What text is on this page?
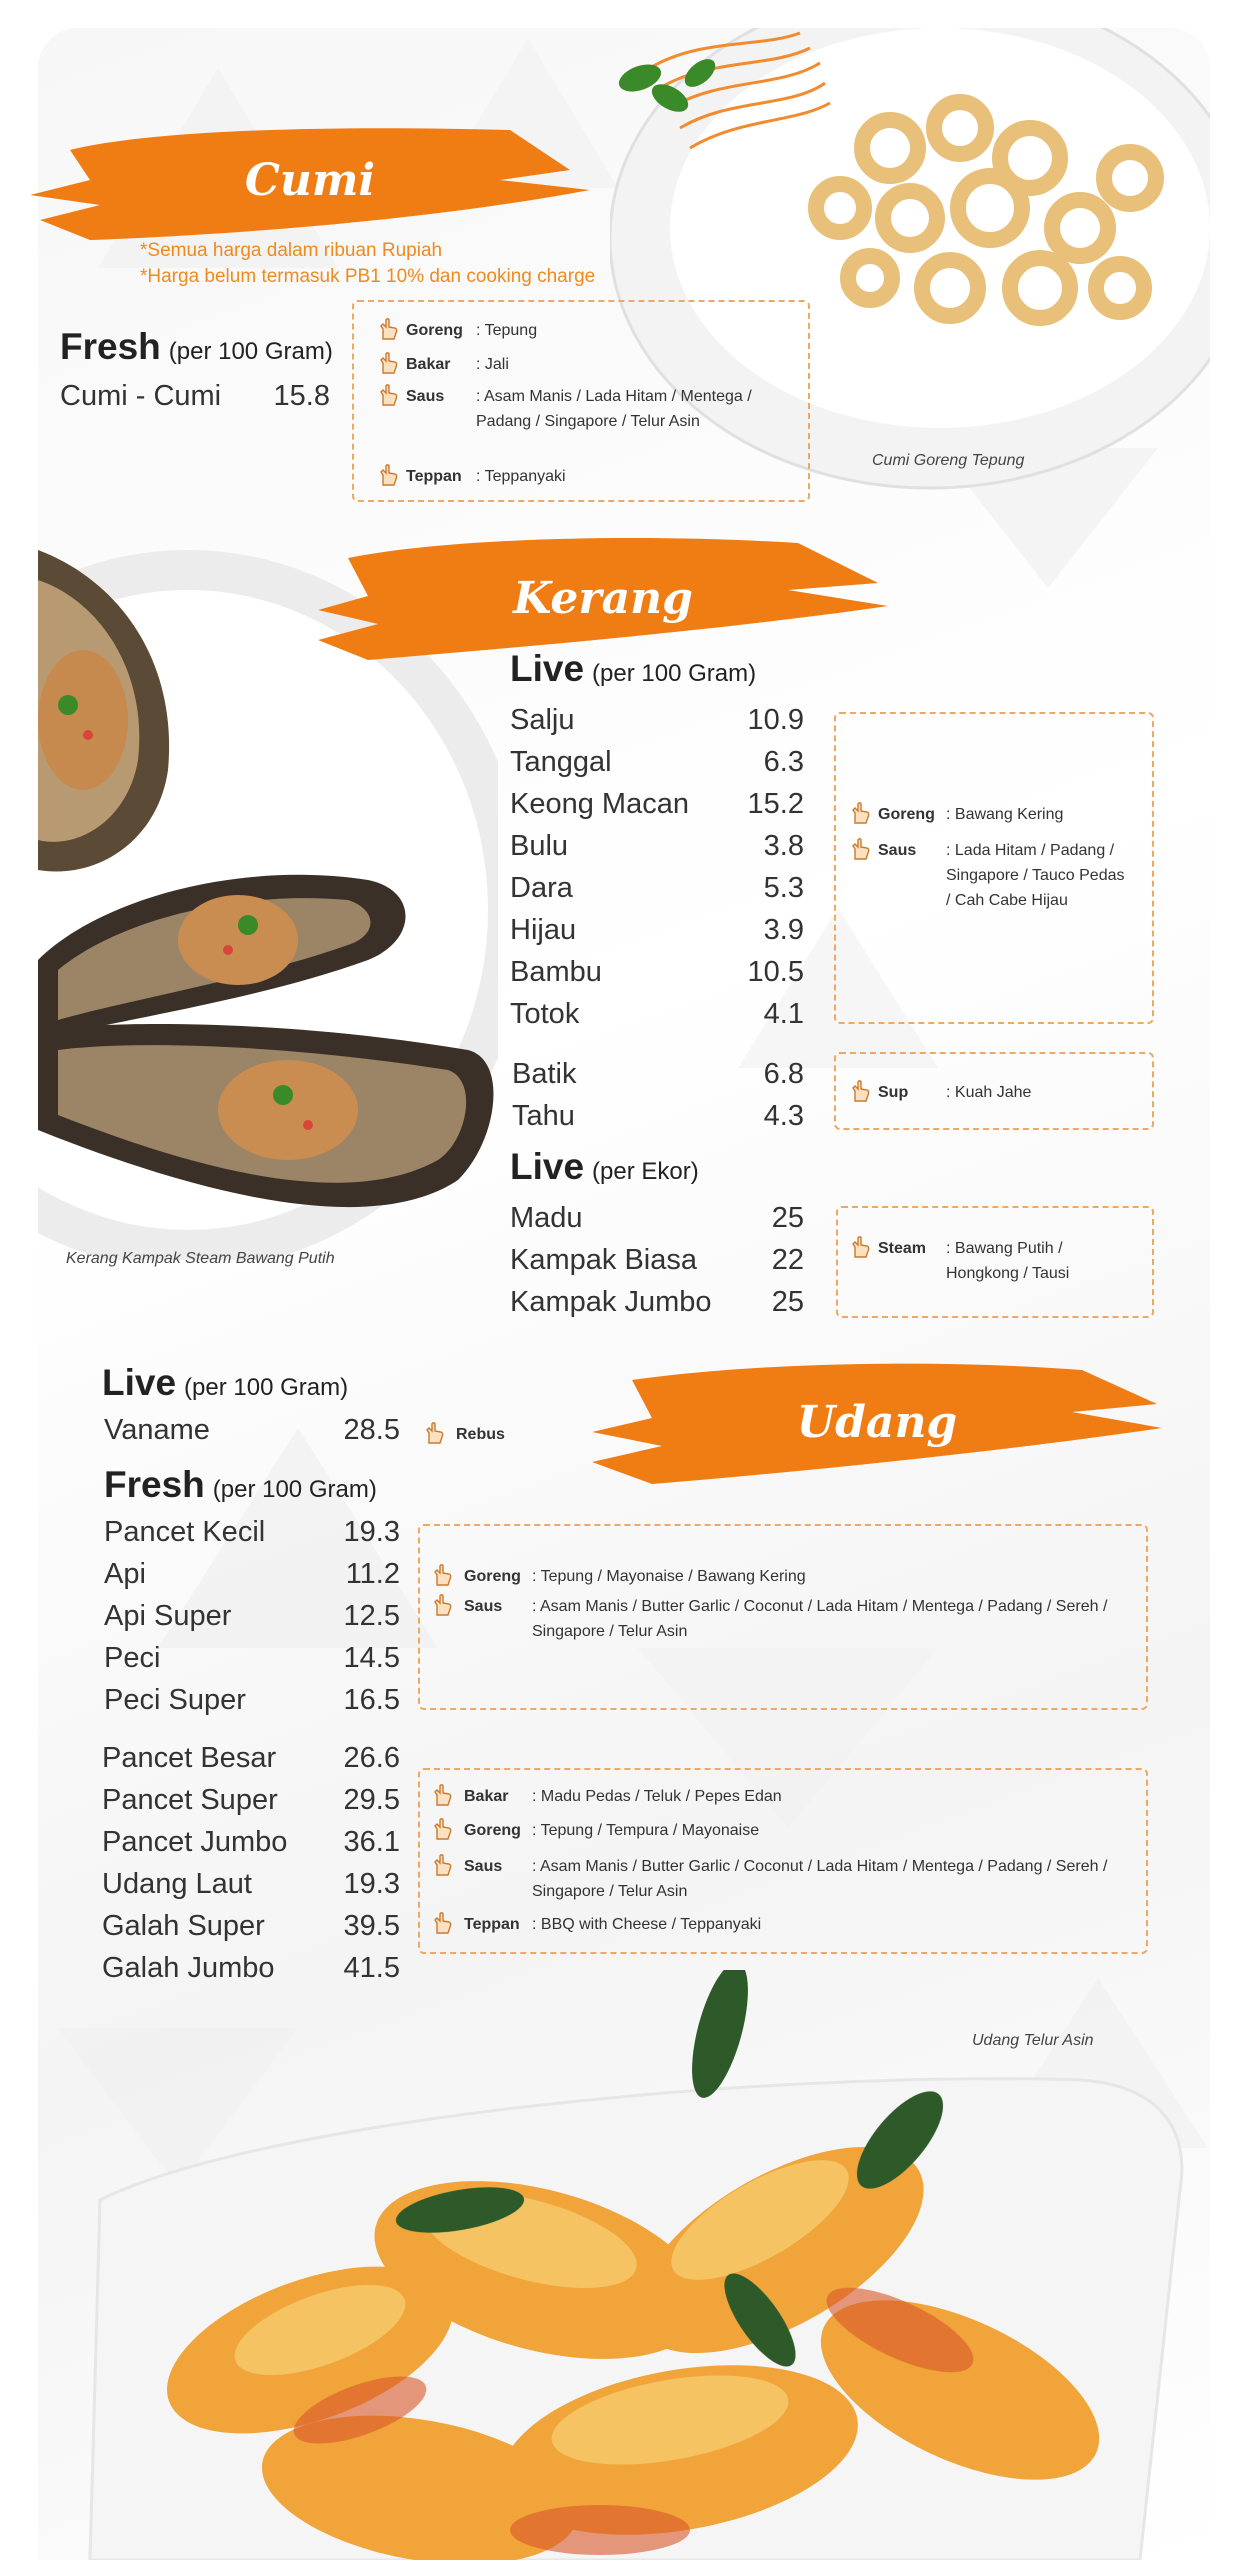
Cumi
*Semua harga dalam ribuan Rupiah
*Harga belum termasuk PB1 10% dan cooking charge
Fresh (per 100 Gram)
Cumi - Cumi	15.8
Goreng : Tepung
Bakar : Jali
Saus : Asam Manis / Lada Hitam / Mentega / Padang / Singapore / Telur Asin
Teppan : Teppanyaki
Cumi Goreng Tepung
Kerang
Live (per 100 Gram)
Salju	10.9
Tanggal	6.3
Keong Macan	15.2
Bulu	3.8
Dara	5.3
Hijau	3.9
Bambu	10.5
Totok	4.1
Batik	6.8
Tahu	4.3
Live (per Ekor)
Madu	25
Kampak Biasa	22
Kampak Jumbo	25
Goreng : Bawang Kering
Saus : Lada Hitam / Padang / Singapore / Tauco Pedas / Cah Cabe Hijau
Sup : Kuah Jahe
Steam : Bawang Putih / Hongkong / Tausi
Kerang Kampak Steam Bawang Putih
Udang
Live (per 100 Gram)
Vaname	28.5	Rebus
Fresh (per 100 Gram)
Pancet Kecil	19.3
Api	11.2
Api Super	12.5
Peci	14.5
Peci Super	16.5
Pancet Besar	26.6
Pancet Super	29.5
Pancet Jumbo	36.1
Udang Laut	19.3
Galah Super	39.5
Galah Jumbo	41.5
Goreng : Tepung / Mayonaise / Bawang Kering
Saus : Asam Manis / Butter Garlic / Coconut / Lada Hitam / Mentega / Padang / Sereh / Singapore / Telur Asin
Bakar : Madu Pedas / Teluk / Pepes Edan
Goreng : Tepung / Tempura / Mayonaise
Saus : Asam Manis / Butter Garlic / Coconut / Lada Hitam / Mentega / Padang / Sereh / Singapore / Telur Asin
Teppan : BBQ with Cheese / Teppanyaki
Udang Telur Asin
